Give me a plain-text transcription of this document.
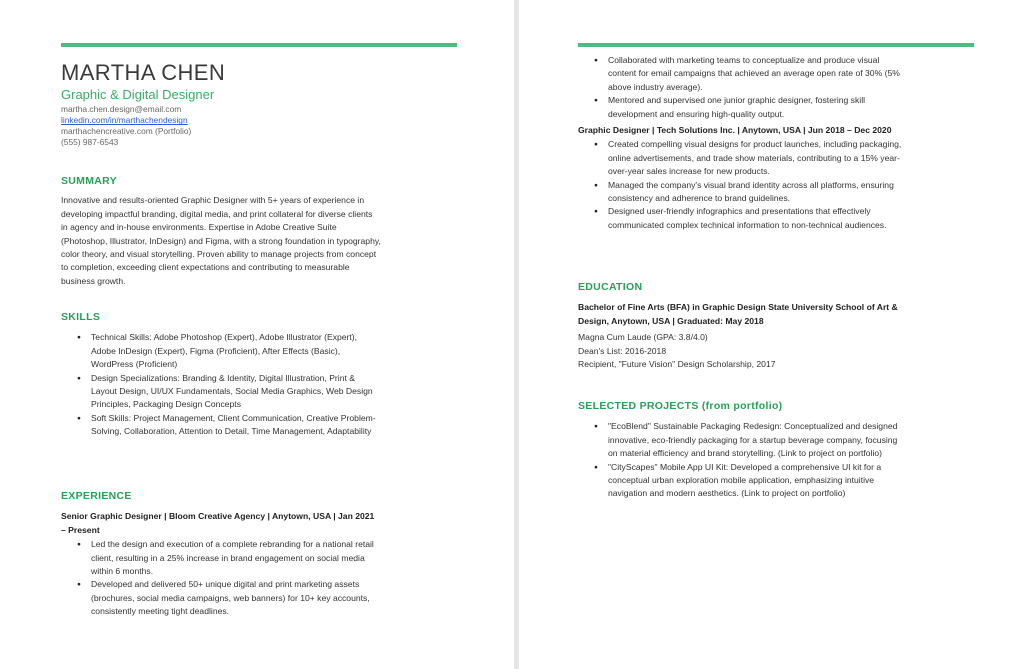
MARTHA CHEN
Graphic & Digital Designer
martha.chen.design@email.com
linkedin.com/in/marthachendesign
marthachencreative.com (Portfolio)
(555) 987-6543
SUMMARY

Innovative and results-oriented Graphic Designer with 5+ years of experience in developing impactful branding, digital media, and print collateral for diverse clients in agency and in-house environments. Expertise in Adobe Creative Suite (Photoshop, Illustrator, InDesign) and Figma, with a strong foundation in typography, color theory, and visual storytelling. Proven ability to manage projects from concept to completion, exceeding client expectations and contributing to measurable business growth.

SKILLS
● Technical Skills: Adobe Photoshop (Expert), Adobe Illustrator (Expert), Adobe InDesign (Expert), Figma (Proficient), After Effects (Basic), WordPress (Proficient)
● Design Specializations: Branding & Identity, Digital Illustration, Print & Layout Design, UI/UX Fundamentals, Social Media Graphics, Web Design Principles, Packaging Design Concepts
● Soft Skills: Project Management, Client Communication, Creative Problem-Solving, Collaboration, Attention to Detail, Time Management, Adaptability
EXPERIENCE
Senior Graphic Designer | Bloom Creative Agency | Anytown, USA | Jan 2021 – Present
● Led the design and execution of a complete rebranding for a national retail client, resulting in a 25% increase in brand engagement on social media within 6 months.
● Developed and delivered 50+ unique digital and print marketing assets (brochures, social media campaigns, web banners) for 10+ key accounts, consistently meeting tight deadlines.
● Collaborated with marketing teams to conceptualize and produce visual content for email campaigns that achieved an average open rate of 30% (5% above industry average).
● Mentored and supervised one junior graphic designer, fostering skill development and ensuring high-quality output.
Graphic Designer | Tech Solutions Inc. | Anytown, USA | Jun 2018 – Dec 2020
● Created compelling visual designs for product launches, including packaging, online advertisements, and trade show materials, contributing to a 15% year-over-year sales increase for new products.
● Managed the company's visual brand identity across all platforms, ensuring consistency and adherence to brand guidelines.
● Designed user-friendly infographics and presentations that effectively communicated complex technical information to non-technical audiences.
EDUCATION
Bachelor of Fine Arts (BFA) in Graphic Design State University School of Art & Design, Anytown, USA | Graduated: May 2018

Magna Cum Laude (GPA: 3.8/4.0)

Dean's List: 2016-2018

Recipient, "Future Vision" Design Scholarship, 2017

SELECTED PROJECTS (from portfolio)
● "EcoBlend" Sustainable Packaging Redesign: Conceptualized and designed innovative, eco-friendly packaging for a startup beverage company, focusing on material efficiency and brand storytelling. (Link to project on portfolio)
● "CityScapes" Mobile App UI Kit: Developed a comprehensive UI kit for a conceptual urban exploration mobile application, emphasizing intuitive navigation and modern aesthetics. (Link to project on portfolio)
